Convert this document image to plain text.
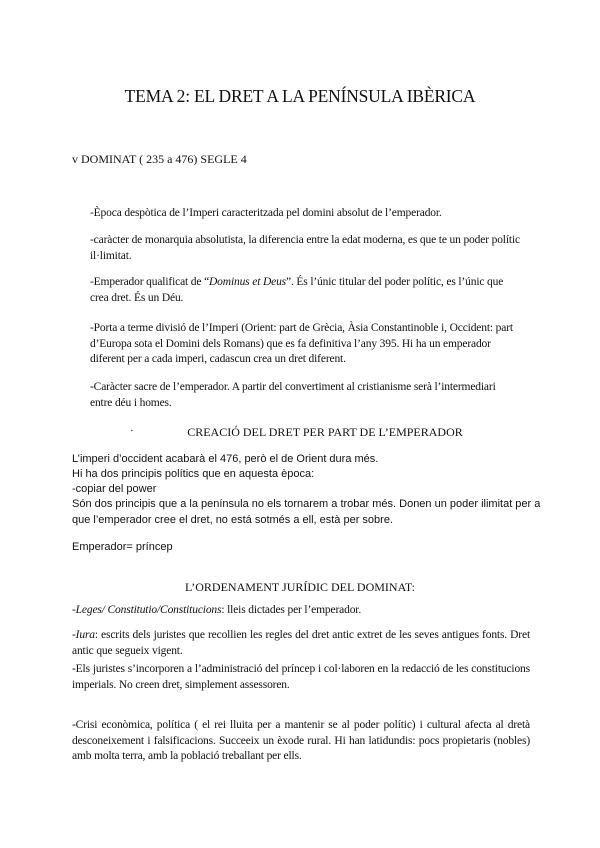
TEMA 2: EL DRET A LA PENÍNSULA IBÈRICA
v DOMINAT ( 235 a 476) SEGLE 4

-Època despòtica de l’Imperi caracteritzada pel domini absolut de l’emperador.

-caràcter de monarquia absolutista, la diferencia entre la edat moderna, es que te un poder polític il·limitat.

-Emperador qualificat de “Dominus et Deus”. És l’únic titular del poder polític, es l’únic que crea dret. És un Déu.

-Porta a terme divisió de l’Imperi (Orient: part de Grècia, Àsia Constantinoble i, Occident: part d’Europa sota el Domini dels Romans) que es fa definitiva l’any 395. Hi ha un emperador diferent per a cada imperi, cadascun crea un dret diferent.

-Caràcter sacre de l’emperador. A partir del convertiment al cristianisme serà l’intermediari entre déu i homes.

·	CREACIÓ DEL DRET PER PART DE L’EMPERADOR

L’imperi d’occident acabarà el 476, però el de Orient dura més.

Hi ha dos principis polítics que en aquesta època:

-copiar del power

Són dos principis que a la península no els tornarem a trobar més. Donen un poder ilimitat per a que l’emperador cree el dret, no está sotmés a ell, està per sobre.

Emperador= príncep

L’ORDENAMENT JURÍDIC DEL DOMINAT:

-Leges/ Constitutio/Constitucions: lleis dictades per l’emperador.

-Iura: escrits dels juristes que recollien les regles del dret antic extret de les seves antigues fonts. Dret antic que segueix vigent.

-Els juristes s’incorporen a l’administració del príncep i col·laboren en la redacció de les constitucions imperials. No creen dret, simplement assessoren.

-Crisi econòmica, política ( el rei lluita per a mantenir se al poder polític) i cultural afecta al dretà desconeixement i falsificacions. Succeeix un èxode rural. Hi han latidundis: pocs propietaris (nobles) amb molta terra, amb la població treballant per ells.
